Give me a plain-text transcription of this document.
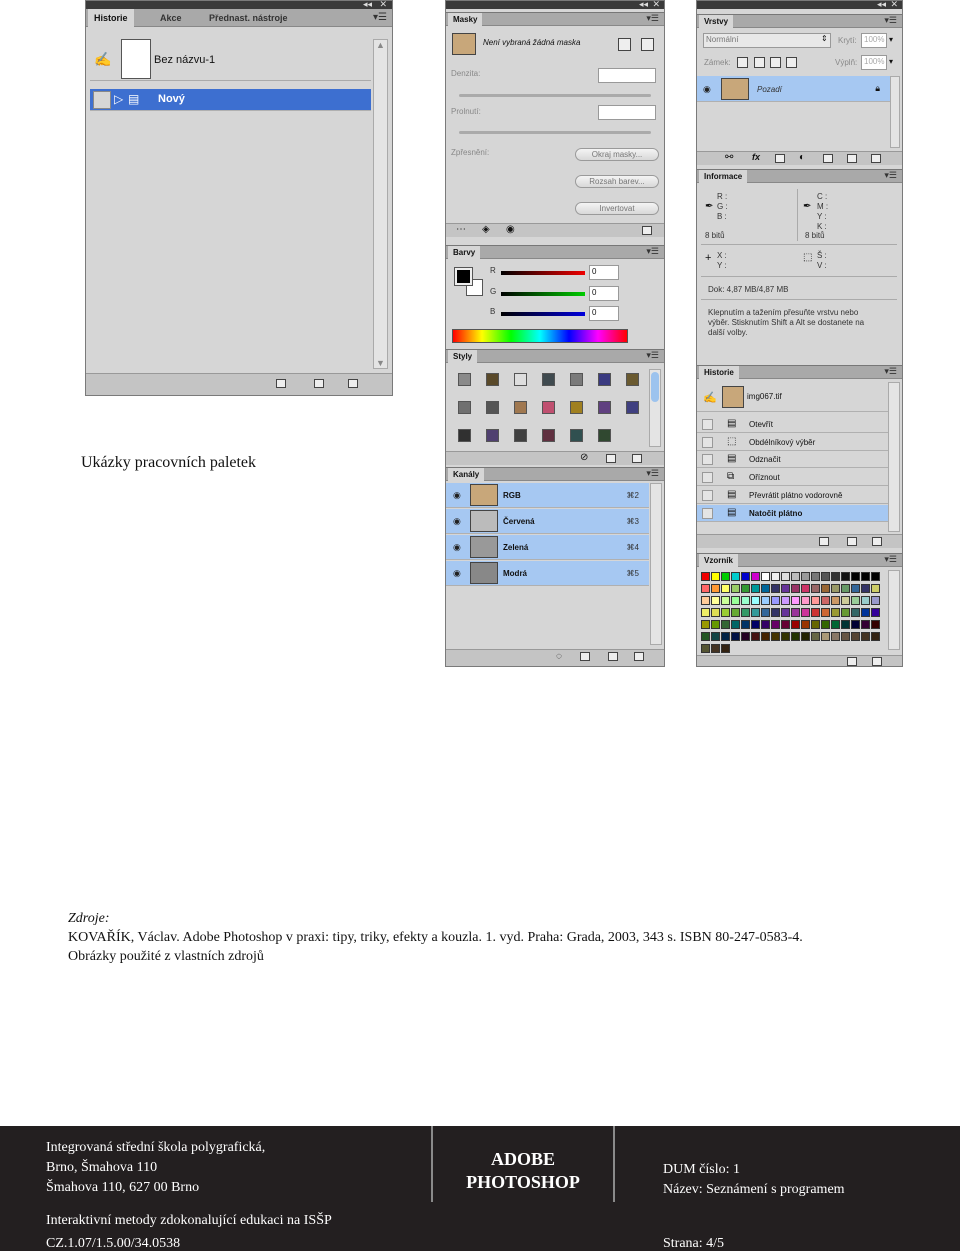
◂◂ ✕
Historie	Akce	Přednast. nástroje	▾☰
✍	Bez názvu-1
▷ ▤ Nový
▲
▼
◂◂ ✕
Masky	▾☰
Není vybraná žádná maska
Denzita:
Prolnutí:
Zpřesnění:	Okraj masky...
Rozsah barev...
Invertovat
⋯ ◈ ◉
Barvy	▾☰
R	0
G	0
B	0
Styly	▾☰
⊘
Kanály	▾☰
◉	RGB	⌘2
◉	Červená	⌘3
◉	Zelená	⌘4
◉	Modrá	⌘5
◌
◂◂ ✕
Vrstvy	▾☰
Normální	⇕ Krytí: 100% ▾
Zámek:	Výplň: 100% ▾
◉	Pozadí	🔒︎
⚯ fx	◐
Informace	▾☰
✒
R :
G :
B :
8 bitů
✒
C :
M :
Y :
K :
8 bitů
+ X :
Y :
⬚ Š :
V :
Dok: 4,87 MB/4,87 MB
Klepnutím a tažením přesuňte vrstvu nebo
výběr. Stisknutím Shift a Alt se dostanete na
další volby.
Historie	▾☰
✍	img067.tif
▤ Otevřít
⬚ Obdélníkový výběr
▤ Odznačit
⧉ Oříznout
▤ Převrátit plátno vodorovně
▤ Natočit plátno
Vzorník	▾☰
Ukázky pracovních paletek
Zdroje:
KOVAŘÍK, Václav. Adobe Photoshop v praxi: tipy, triky, efekty a kouzla. 1. vyd. Praha: Grada, 2003, 343 s. ISBN 80-247-0583-4.
Obrázky použité z vlastních zdrojů
Integrovaná střední škola polygrafická,
Brno, Šmahova 110
Šmahova 110, 627 00 Brno
Interaktivní metody zdokonalující edukaci na ISŠP
CZ.1.07/1.5.00/34.0538
ADOBE
PHOTOSHOP
DUM číslo: 1
Název: Seznámení s programem
Strana: 4/5
